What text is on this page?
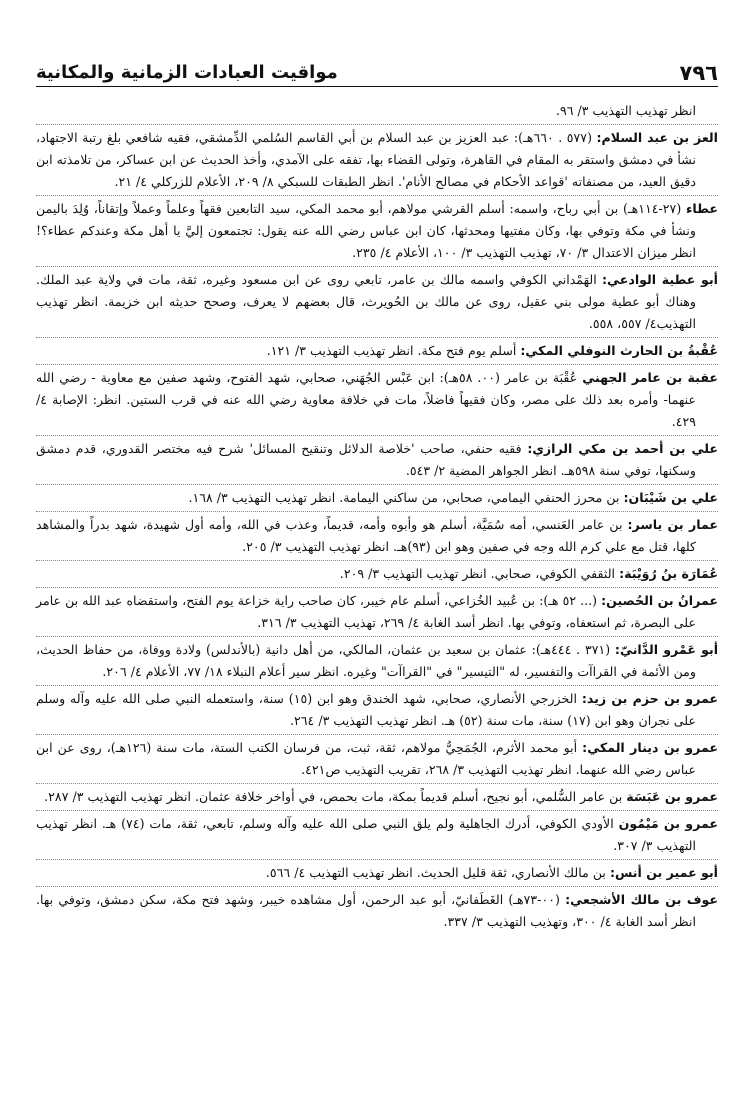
٧٩٦
مواقيت العبادات الزمانية والمكانية

انظر تهذيب التهذيب ٣/ ٩٦.

العز بن عبد السلام: (٥٧٧ . ٦٦٠هـ): عبد العزيز بن عبد السلام بن أبي القاسم السُلمي الدِّمشقي، فقيه شافعي بلغ رتبة الاجتهاد، نشأ في دمشق واستقر به المقام في القاهرة، وتولى القضاء بها، تفقه على الآمدي، وأخذ الحديث عن ابن عساكر، من تلامذته ابن دقيق العيد، من مصنفاته 'قواعد الأحكام في مصالح الأنام'. انظر الطبقات للسبكي ٨/ ٢٠٩، الأعلام للزركلي ٤/ ٢١.

عطاء (٢٧-١١٤هـ) بن أبي رباح، واسمه: أسلم القرشي مولاهم، أبو محمد المكي، سيد التابعين فقهاً وعلماً وعملاً وإتقاناً، وُلِدَ باليمن ونشأ في مكة وتوفي بها، وكان مفتيها ومحدثها، كان ابن عباس رضي الله عنه يقول: تجتمعون إليَّ يا أهل مكة وعندكم عطاء؟! انظر ميزان الاعتدال ٣/ ٧٠، تهذيب التهذيب ٣/ ١٠٠، الأعلام ٤/ ٢٣٥.

أبو عطية الوادعي: الهَمْداني الكوفي واسمه مالك بن عامر، تابعي روى عن ابن مسعود وغيره، ثقة، مات في ولاية عبد الملك. وهناك أبو عطية مولى بني عقيل، روى عن مالك بن الحُويرث، قال بعضهم لا يعرف، وصحح حديثه ابن خزيمة. انظر تهذيب التهذيب٤/ ٥٥٧، ٥٥٨.

عُقْبةُ بن الحارث النوفلي المكي: أسلم يوم فتح مكة. انظر تهذيب التهذيب ٣/ ١٢١.

عقبة بن عامر الجهني عُقْبَة بن عامر (٠٠. ٥٨هـ): ابن عَبْس الجُهَني، صحابي، شهد الفتوح، وشهد صفين مع معاوية - رضي الله عنهما- وأمره بعد ذلك على مصر، وكان فقيهاً فاضلاً، مات في خلافة معاوية رضي الله عنه في قرب الستين. انظر: الإصابة ٤/ ٤٢٩.

علي بن أحمد بن مكي الرازي: فقيه حنفي، صاحب 'خلاصة الدلائل وتنقيح المسائل' شرح فيه مختصر القدوري، قدم دمشق وسكنها، توفي سنة ٥٩٨هـ. انظر الجواهر المضية ٢/ ٥٤٣.

علي بن شَيْبَان: بن محرز الحنفي اليمامي، صحابي، من ساكني اليمامة. انظر تهذيب التهذيب ٣/ ١٦٨.

عمار بن ياسر: بن عامر العَنسي، أمه سُمَيَّة، أسلم هو وأبوه وأمه، قديماً، وعذب في الله، وأمه أول شهيدة، شهد بدراً والمشاهد كلها، قتل مع علي كرم الله وجه في صفين وهو ابن (٩٣)هـ. انظر تهذيب التهذيب ٣/ ٢٠٥.

عُمَارَة بنُ رُوَيْبَة: الثقفي الكوفي، صحابي. انظر تهذيب التهذيب ٣/ ٢٠٩.

عمرانُ بن الحُصين: (... ٥٢ هـ): بن عُبيد الخُزاعي، أسلم عام خيبر، كان صاحب راية خزاعة يوم الفتح، واستقضاه عبد الله بن عامر على البصرة، ثم استعفاه، وتوفي بها. انظر أسد الغابة ٤/ ٢٦٩، تهذيب التهذيب ٣/ ٣١٦.

أبو عَمْرو الدَّانيّ: (٣٧١ . ٤٤٤هـ): عثمان بن سعيد بن عثمان، المالكي، من أهل دانية (بالأندلس) ولادة ووفاة، من حفاظ الحديث، ومن الأئمة في القراآت والتفسير، له "التيسير" في "القراآت" وغيره. انظر سير أعلام النبلاء ١٨/ ٧٧، الأعلام ٤/ ٢٠٦.

عمرو بن حزم بن زيد: الخزرجي الأنصاري، صحابي، شهد الخندق وهو ابن (١٥) سنة، واستعمله النبي صلى الله عليه وآله وسلم على نجران وهو ابن (١٧) سنة، مات سنة (٥٢) هـ. انظر تهذيب التهذيب ٣/ ٢٦٤.

عمرو بن دينار المكي: أبو محمد الأثرم، الجُمَحِيُّ مولاهم، ثقة، ثبت، من فرسان الكتب الستة، مات سنة (١٢٦هـ)، روى عن ابن عباس رضي الله عنهما. انظر تهذيب التهذيب ٣/ ٢٦٨، تقريب التهذيب ص٤٢١.

عمرو بن عَبَسَة بن عامر السُّلمي، أبو نجيح، أسلم قديماً بمكة، مات بحمص، في أواخر خلافة عثمان. انظر تهذيب التهذيب ٣/ ٢٨٧.

عمرو بن مَيْمُون الأودي الكوفي، أدرك الجاهلية ولم يلق النبي صلى الله عليه وآله وسلم، تابعي، ثقة، مات (٧٤) هـ. انظر تهذيب التهذيب ٣/ ٣٠٧.

أبو عمير بن أنس: بن مالك الأنصاري، ثقة قليل الحديث. انظر تهذيب التهذيب ٤/ ٥٦٦.

عوف بن مالك الأشجعي: (٠٠-٧٣هـ) الغَطَفانيّ، أبو عبد الرحمن، أول مشاهده خيبر، وشهد فتح مكة، سكن دمشق، وتوفي بها. انظر أسد الغابة ٤/ ٣٠٠، وتهذيب التهذيب ٣/ ٣٣٧.
